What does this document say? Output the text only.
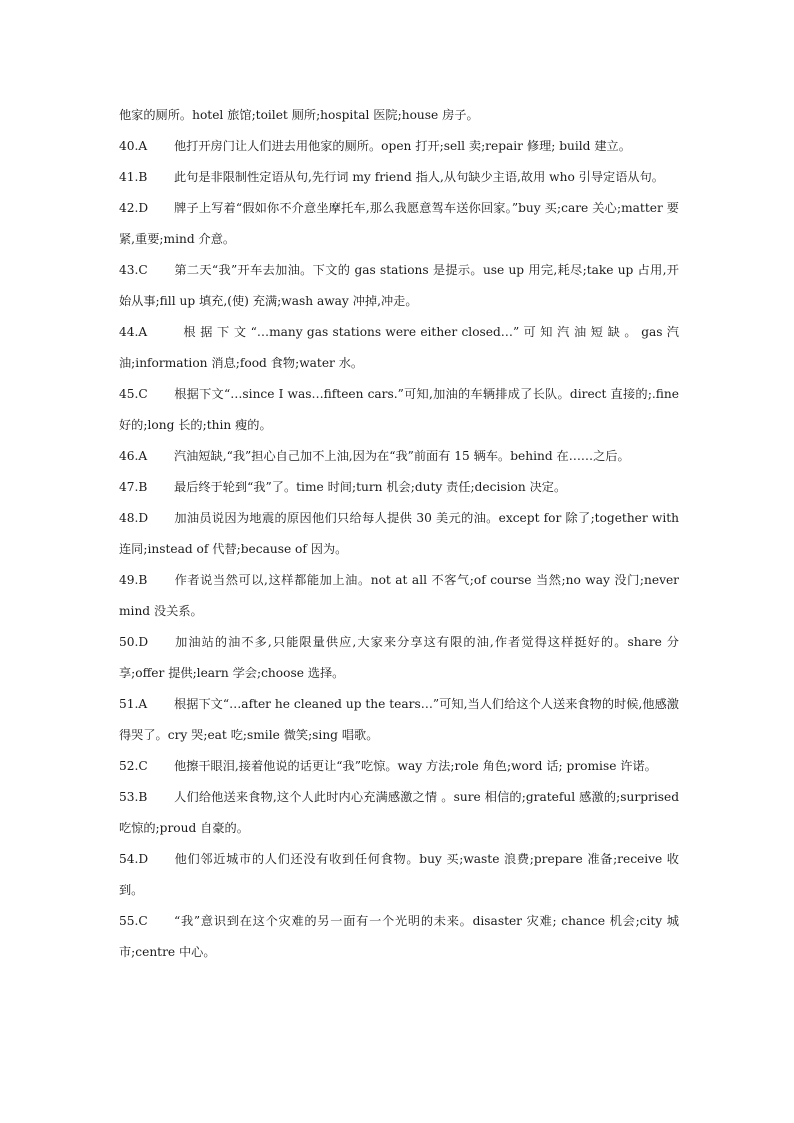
他家的厕所。hotel 旅馆;toilet 厕所;hospital 医院;house 房子。

40.A 他打开房门让人们进去用他家的厕所。open 打开;sell 卖;repair 修理; build 建立。

41.B 此句是非限制性定语从句,先行词 my friend 指人,从句缺少主语,故用 who 引导定语从句。

42.D 牌子上写着“假如你不介意坐摩托车,那么我愿意驾车送你回家。”buy 买;care 关心;matter 要紧,重要;mind 介意。

43.C 第二天“我”开车去加油。下文的 gas stations 是提示。use up 用完,耗尽;take up 占用,开始从事;fill up 填充,(使) 充满;wash away 冲掉,冲走。

44.A	根 据 下 文 “…many gas stations were either closed…” 可 知 汽 油 短 缺 。 gas 汽油;information 消息;food 食物;water 水。

45.C 根据下文“…since I was…fifteen cars.”可知,加油的车辆排成了长队。direct 直接的;.fine 好的;long 长的;thin 瘦的。

46.A 汽油短缺,“我”担心自己加不上油,因为在“我”前面有 15 辆车。behind 在……之后。

47.B 最后终于轮到“我”了。time 时间;turn 机会;duty 责任;decision 决定。

48.D 加油员说因为地震的原因他们只给每人提供 30 美元的油。except for 除了;together with 连同;instead of 代替;because of 因为。

49.B 作者说当然可以,这样都能加上油。not at all 不客气;of course 当然;no way 没门;never mind 没关系。

50.D 加油站的油不多,只能限量供应,大家来分享这有限的油,作者觉得这样挺好的。share 分享;offer 提供;learn 学会;choose 选择。

51.A 根据下文“…after he cleaned up the tears…”可知,当人们给这个人送来食物的时候,他感激得哭了。cry 哭;eat 吃;smile 微笑;sing 唱歌。

52.C 他擦干眼泪,接着他说的话更让“我”吃惊。way 方法;role 角色;word 话; promise 许诺。

53.B 人们给他送来食物,这个人此时内心充满感激之情 。sure 相信的;grateful 感激的;surprised 吃惊的;proud 自豪的。

54.D 他们邻近城市的人们还没有收到任何食物。buy 买;waste 浪费;prepare 准备;receive 收到。

55.C “我”意识到在这个灾难的另一面有一个光明的未来。disaster 灾难; chance 机会;city 城市;centre 中心。
